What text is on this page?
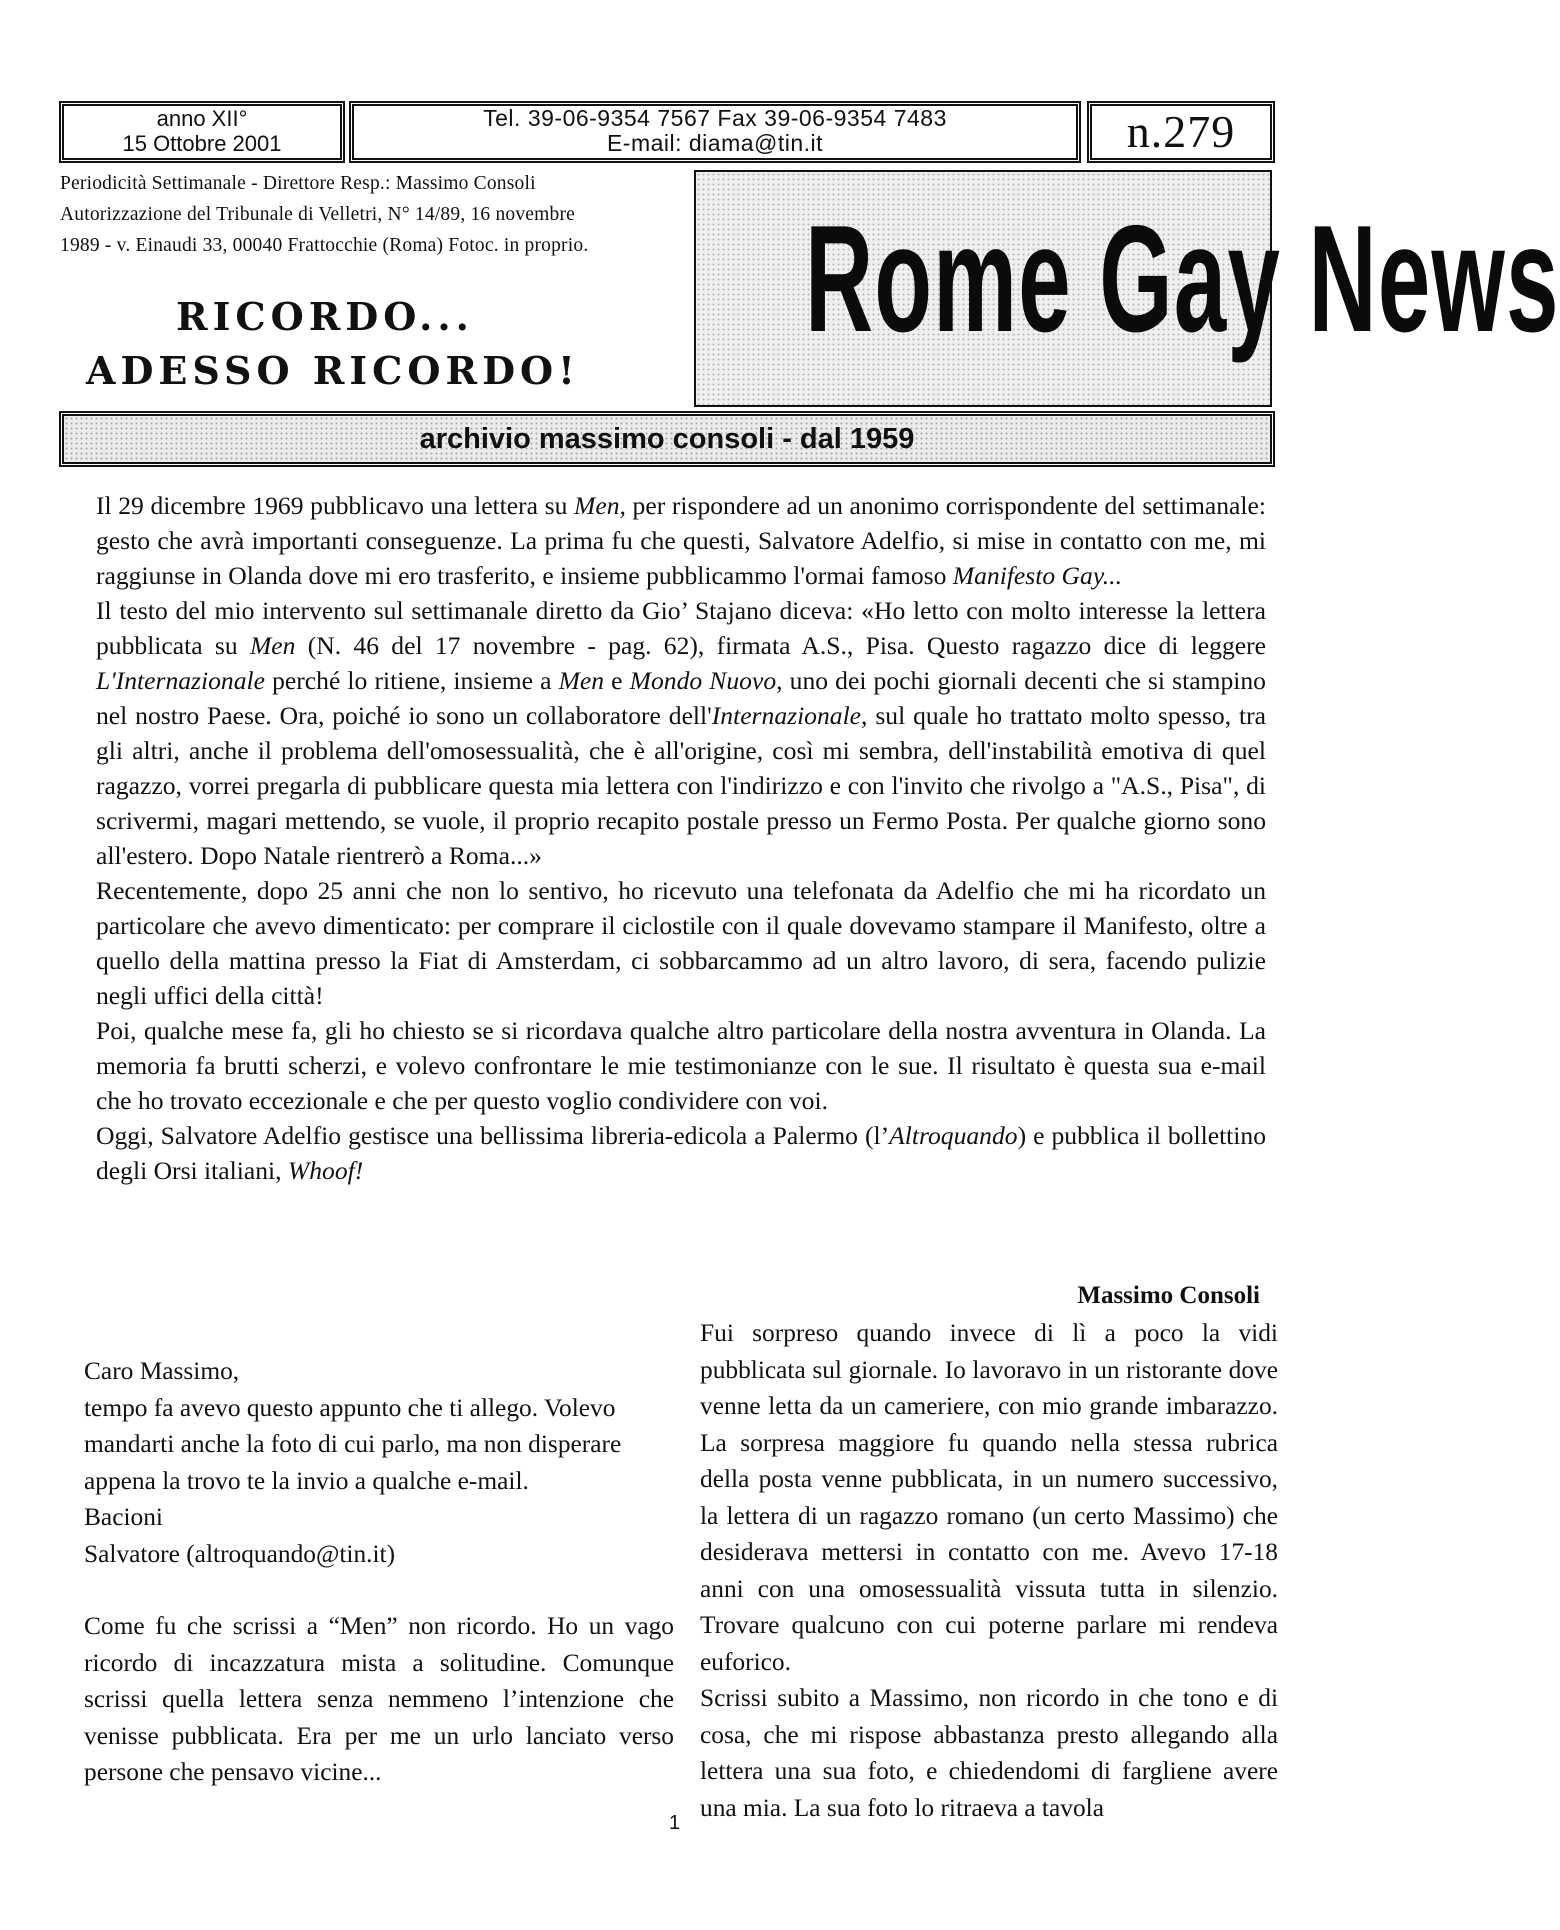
anno XII°
15 Ottobre 2001
Tel. 39-06-9354 7567 Fax 39-06-9354 7483
E-mail: diama@tin.it	n.279
Periodicità Settimanale - Direttore Resp.: Massimo Consoli
Autorizzazione del Tribunale di Velletri, N° 14/89, 16 novembre
1989 - v. Einaudi 33, 00040 Frattocchie (Roma) Fotoc. in proprio.
RICORDO...
ADESSO RICORDO!
Rome Gay News
archivio massimo consoli - dal 1959

Il 29 dicembre 1969 pubblicavo una lettera su Men, per rispondere ad un anonimo corrispondente del settimanale: gesto che avrà importanti conseguenze. La prima fu che questi, Salvatore Adelfio, si mise in contatto con me, mi raggiunse in Olanda dove mi ero trasferito, e insieme pubblicammo l'ormai famoso Manifesto Gay...

Il testo del mio intervento sul settimanale diretto da Gio’ Stajano diceva: «Ho letto con molto interesse la lettera pubblicata su Men (N. 46 del 17 novembre - pag. 62), firmata A.S., Pisa. Questo ragazzo dice di leggere L'Internazionale perché lo ritiene, insieme a Men e Mondo Nuovo, uno dei pochi giornali decenti che si stampino nel nostro Paese. Ora, poiché io sono un collaboratore dell'Internazionale, sul quale ho trattato molto spesso, tra gli altri, anche il problema dell'omosessualità, che è all'origine, così mi sembra, dell'instabilità emotiva di quel ragazzo, vorrei pregarla di pubblicare questa mia lettera con l'indirizzo e con l'invito che rivolgo a "A.S., Pisa", di scrivermi, magari mettendo, se vuole, il proprio recapito postale presso un Fermo Posta. Per qualche giorno sono all'estero. Dopo Natale rientrerò a Roma...»

Recentemente, dopo 25 anni che non lo sentivo, ho ricevuto una telefonata da Adelfio che mi ha ricordato un particolare che avevo dimenticato: per comprare il ciclostile con il quale dovevamo stampare il Manifesto, oltre a quello della mattina presso la Fiat di Amsterdam, ci sobbarcammo ad un altro lavoro, di sera, facendo pulizie negli uffici della città!

Poi, qualche mese fa, gli ho chiesto se si ricordava qualche altro particolare della nostra avventura in Olanda. La memoria fa brutti scherzi, e volevo confrontare le mie testimonianze con le sue. Il risultato è questa sua e-mail che ho trovato eccezionale e che per questo voglio condividere con voi.

Oggi, Salvatore Adelfio gestisce una bellissima libreria-edicola a Palermo (l’Altroquando) e pubblica il bollettino degli Orsi italiani, Whoof!

Massimo Consoli

Caro Massimo,

tempo fa avevo questo appunto che ti allego. Volevo mandarti anche la foto di cui parlo, ma non disperare appena la trovo te la invio a qualche e-mail.

Bacioni

Salvatore (altroquando@tin.it)

Come fu che scrissi a “Men” non ricordo. Ho un vago ricordo di incazzatura mista a solitudine. Comunque scrissi quella lettera senza nemmeno l’intenzione che venisse pubblicata. Era per me un urlo lanciato verso persone che pensavo vicine...

Fui sorpreso quando invece di lì a poco la vidi pubblicata sul giornale. Io lavoravo in un ristorante dove venne letta da un cameriere, con mio grande imbarazzo. La sorpresa maggiore fu quando nella stessa rubrica della posta venne pubblicata, in un numero successivo, la lettera di un ragazzo romano (un certo Massimo) che desiderava mettersi in contatto con me. Avevo 17-18 anni con una omosessualità vissuta tutta in silenzio. Trovare qualcuno con cui poterne parlare mi rendeva euforico.

Scrissi subito a Massimo, non ricordo in che tono e di cosa, che mi rispose abbastanza presto allegando alla lettera una sua foto, e chiedendomi di fargliene avere una mia. La sua foto lo ritraeva a tavola

1
